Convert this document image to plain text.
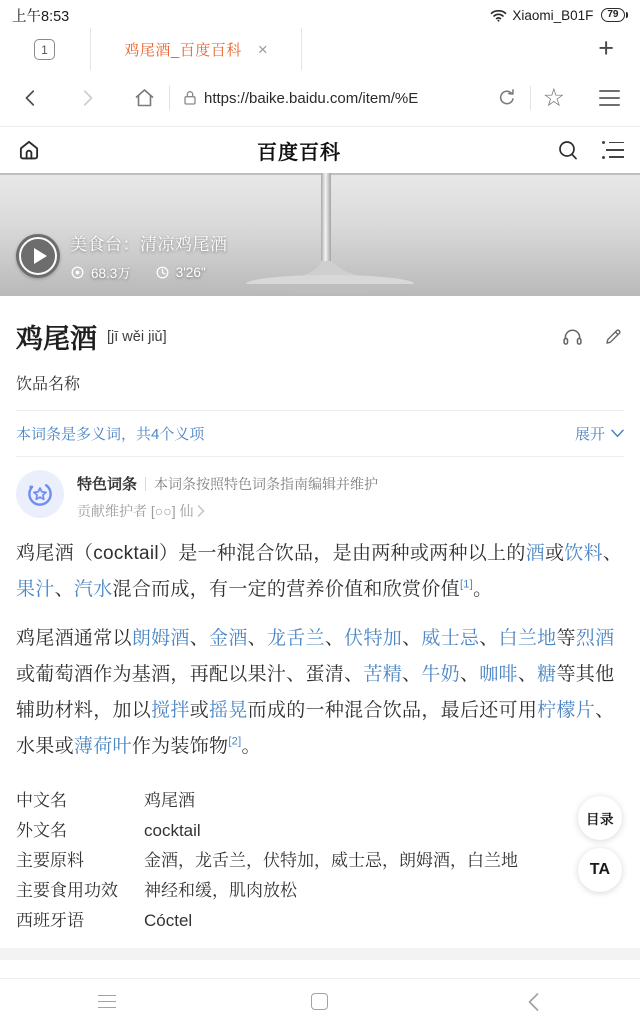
上午8:53	Xiaomi_B01F	79
1	鸡尾酒_百度百科 ×	+
https://baike.baidu.com/item/%E	☆
百度百科
美食台：清凉鸡尾酒
68.3万	3'26"
鸡尾酒 [jī wěi jiǔ]
饮品名称
本词条是多义词，共4个义项	展开
特色词条 本词条按照特色词条指南编辑并维护
贡献维护者 [○○] 仙

鸡尾酒（cocktail）是一种混合饮品，是由两种或两种以上的酒或饮料、果汁、汽水混合而成，有一定的营养价值和欣赏价值[1]。

鸡尾酒通常以朗姆酒、金酒、龙舌兰、伏特加、威士忌、白兰地等烈酒或葡萄酒作为基酒，再配以果汁、蛋清、苦精、牛奶、咖啡、糖等其他辅助材料，加以搅拌或摇晃而成的一种混合饮品，最后还可用柠檬片、水果或薄荷叶作为装饰物[2]。

中文名	鸡尾酒
外文名	cocktail
主要原料	金酒，龙舌兰，伏特加，威士忌，朗姆酒，白兰地
主要食用功效	神经和缓，肌肉放松
西班牙语	Cóctel
目录
TA
